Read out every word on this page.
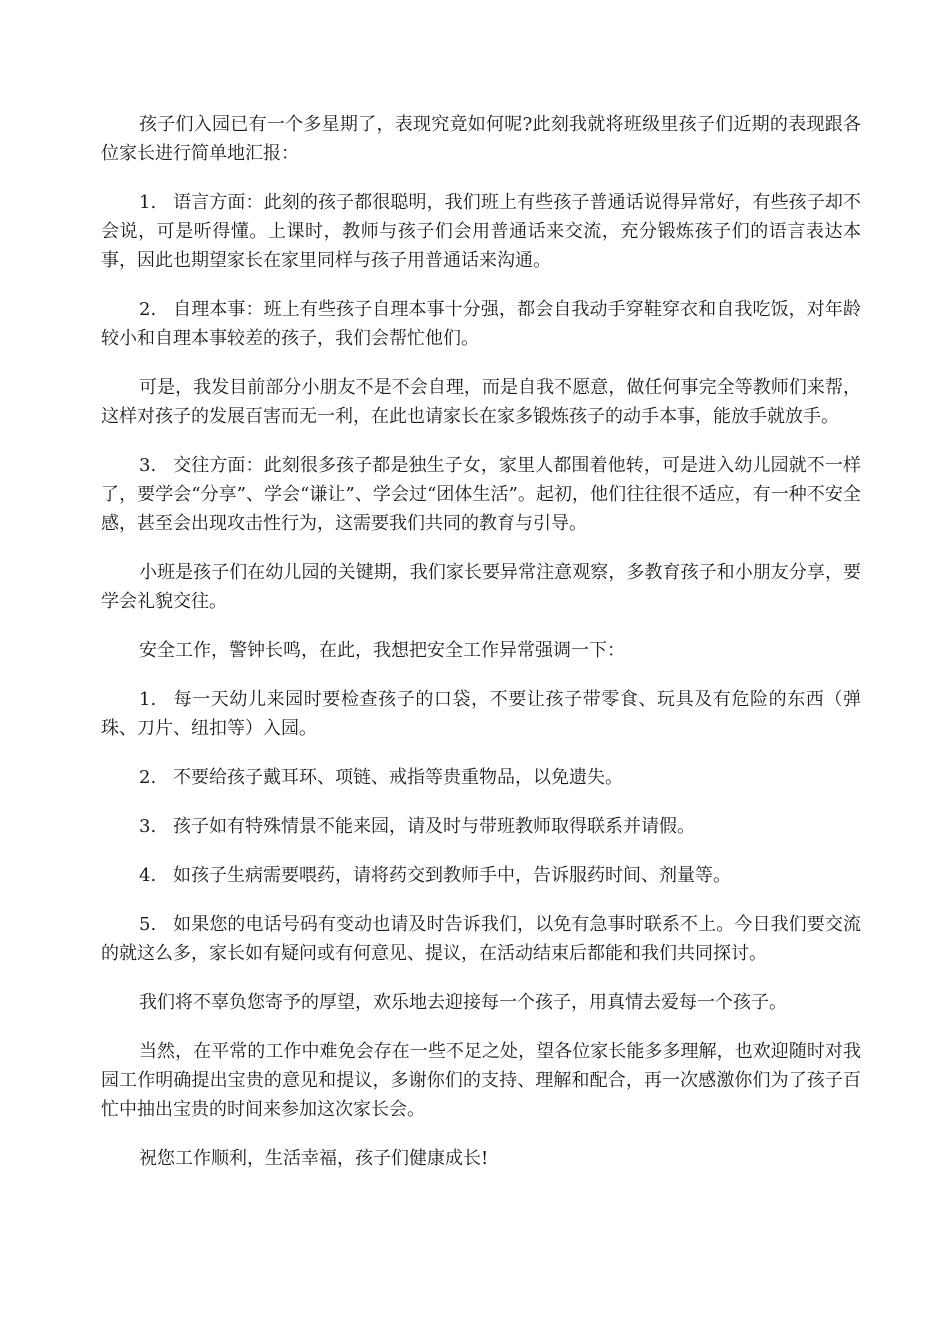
孩子们入园已有一个多星期了，表现究竟如何呢?此刻我就将班级里孩子们近期的表现跟各位家长进行简单地汇报：

1. 语言方面：此刻的孩子都很聪明，我们班上有些孩子普通话说得异常好，有些孩子却不会说，可是听得懂。上课时，教师与孩子们会用普通话来交流，充分锻炼孩子们的语言表达本事，因此也期望家长在家里同样与孩子用普通话来沟通。

2. 自理本事：班上有些孩子自理本事十分强，都会自我动手穿鞋穿衣和自我吃饭，对年龄较小和自理本事较差的孩子，我们会帮忙他们。

可是，我发目前部分小朋友不是不会自理，而是自我不愿意，做任何事完全等教师们来帮，这样对孩子的发展百害而无一利，在此也请家长在家多锻炼孩子的动手本事，能放手就放手。

3. 交往方面：此刻很多孩子都是独生子女，家里人都围着他转，可是进入幼儿园就不一样了，要学会“分享”、学会“谦让”、学会过“团体生活”。起初，他们往往很不适应，有一种不安全感，甚至会出现攻击性行为，这需要我们共同的教育与引导。

小班是孩子们在幼儿园的关键期，我们家长要异常注意观察，多教育孩子和小朋友分享，要学会礼貌交往。

安全工作，警钟长鸣，在此，我想把安全工作异常强调一下：

1. 每一天幼儿来园时要检查孩子的口袋，不要让孩子带零食、玩具及有危险的东西（弹珠、刀片、纽扣等）入园。

2. 不要给孩子戴耳环、项链、戒指等贵重物品，以免遗失。

3. 孩子如有特殊情景不能来园，请及时与带班教师取得联系并请假。

4. 如孩子生病需要喂药，请将药交到教师手中，告诉服药时间、剂量等。

5. 如果您的电话号码有变动也请及时告诉我们，以免有急事时联系不上。今日我们要交流的就这么多，家长如有疑问或有何意见、提议，在活动结束后都能和我们共同探讨。

我们将不辜负您寄予的厚望，欢乐地去迎接每一个孩子，用真情去爱每一个孩子。

当然，在平常的工作中难免会存在一些不足之处，望各位家长能多多理解，也欢迎随时对我园工作明确提出宝贵的意见和提议，多谢你们的支持、理解和配合，再一次感激你们为了孩子百忙中抽出宝贵的时间来参加这次家长会。

祝您工作顺利，生活幸福，孩子们健康成长!
